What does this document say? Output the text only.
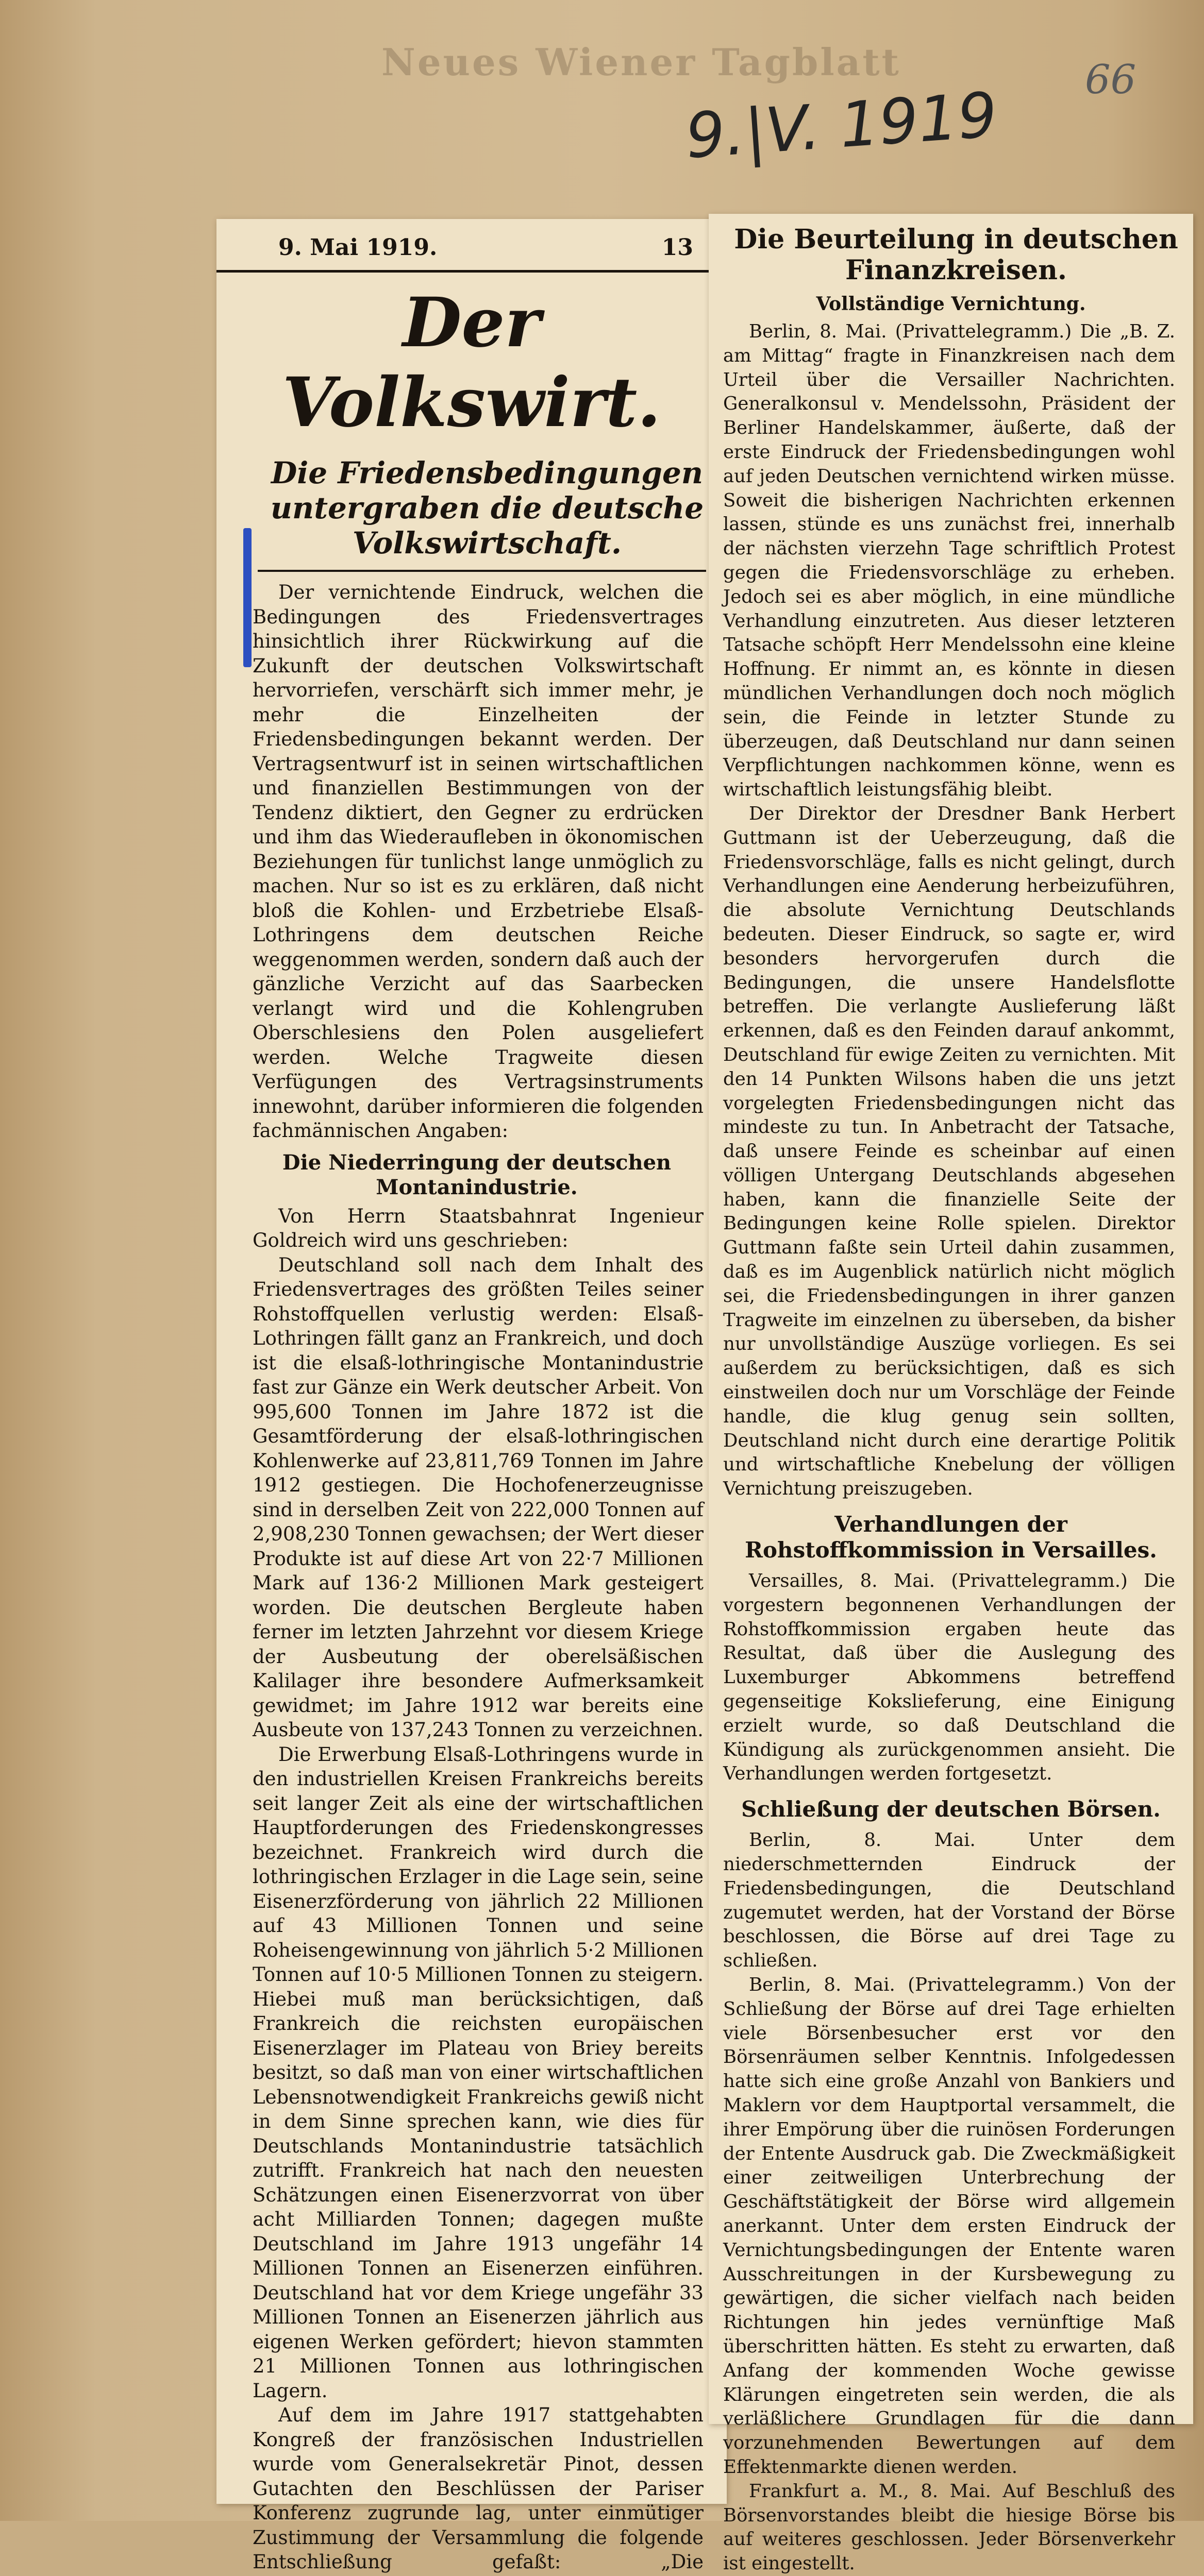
Neues Wiener Tagblatt	66
9.|V. 1919
9. Mai 1919.	13
Der Volkswirt.
Die Friedensbedingungen untergraben die deutsche Volkswirtschaft.

Der vernichtende Eindruck, welchen die Bedingungen des Friedensvertrages hinsichtlich ihrer Rückwirkung auf die Zukunft der deutschen Volkswirtschaft hervorriefen, verschärft sich immer mehr, je mehr die Einzelheiten der Friedensbedingungen bekannt werden. Der Vertragsentwurf ist in seinen wirtschaftlichen und finanziellen Bestimmungen von der Tendenz diktiert, den Gegner zu erdrücken und ihm das Wiederaufleben in ökonomischen Beziehungen für tunlichst lange unmöglich zu machen. Nur so ist es zu erklären, daß nicht bloß die Kohlen- und Erzbetriebe Elsaß-Lothringens dem deutschen Reiche weggenommen werden, sondern daß auch der gänzliche Verzicht auf das Saarbecken verlangt wird und die Kohlengruben Oberschlesiens den Polen ausgeliefert werden. Welche Tragweite diesen Verfügungen des Vertragsinstruments innewohnt, darüber informieren die folgenden fachmännischen Angaben:

Die Niederringung der deutschen Montanindustrie.

Von Herrn Staatsbahnrat Ingenieur Goldreich wird uns geschrieben:

Deutschland soll nach dem Inhalt des Friedensvertrages des größten Teiles seiner Rohstoffquellen verlustig werden: Elsaß-Lothringen fällt ganz an Frankreich, und doch ist die elsaß-lothringische Montanindustrie fast zur Gänze ein Werk deutscher Arbeit. Von 995,600 Tonnen im Jahre 1872 ist die Gesamtförderung der elsaß-lothringischen Kohlenwerke auf 23,811,769 Tonnen im Jahre 1912 gestiegen. Die Hochofenerzeugnisse sind in derselben Zeit von 222,000 Tonnen auf 2,908,230 Tonnen gewachsen; der Wert dieser Produkte ist auf diese Art von 22·7 Millionen Mark auf 136·2 Millionen Mark gesteigert worden. Die deutschen Bergleute haben ferner im letzten Jahrzehnt vor diesem Kriege der Ausbeutung der oberelsäßischen Kalilager ihre besondere Aufmerksamkeit gewidmet; im Jahre 1912 war bereits eine Ausbeute von 137,243 Tonnen zu verzeichnen.

Die Erwerbung Elsaß-Lothringens wurde in den industriellen Kreisen Frankreichs bereits seit langer Zeit als eine der wirtschaftlichen Hauptforderungen des Friedenskongresses bezeichnet. Frankreich wird durch die lothringischen Erzlager in die Lage sein, seine Eisenerzförderung von jährlich 22 Millionen auf 43 Millionen Tonnen und seine Roheisengewinnung von jährlich 5·2 Millionen Tonnen auf 10·5 Millionen Tonnen zu steigern. Hiebei muß man berücksichtigen, daß Frankreich die reichsten europäischen Eisenerzlager im Plateau von Briey bereits besitzt, so daß man von einer wirtschaftlichen Lebensnotwendigkeit Frankreichs gewiß nicht in dem Sinne sprechen kann, wie dies für Deutschlands Montanindustrie tatsächlich zutrifft. Frankreich hat nach den neuesten Schätzungen einen Eisenerzvorrat von über acht Milliarden Tonnen; dagegen mußte Deutschland im Jahre 1913 ungefähr 14 Millionen Tonnen an Eisenerzen einführen. Deutschland hat vor dem Kriege ungefähr 33 Millionen Tonnen an Eisenerzen jährlich aus eigenen Werken gefördert; hievon stammten 21 Millionen Tonnen aus lothringischen Lagern.

Auf dem im Jahre 1917 stattgehabten Kongreß der französischen Industriellen wurde vom Generalsekretär Pinot, dessen Gutachten den Beschlüssen der Pariser Konferenz zugrunde lag, unter einmütiger Zustimmung der Versammlung die folgende Entschließung gefaßt: „Die

Die Beurteilung in deutschen Finanzkreisen.
Vollständige Vernichtung.

Berlin, 8. Mai. (Privattelegramm.) Die „B. Z. am Mittag“ fragte in Finanzkreisen nach dem Urteil über die Versailler Nachrichten. Generalkonsul v. Mendelssohn, Präsident der Berliner Handelskammer, äußerte, daß der erste Eindruck der Friedensbedingungen wohl auf jeden Deutschen vernichtend wirken müsse. Soweit die bisherigen Nachrichten erkennen lassen, stünde es uns zunächst frei, innerhalb der nächsten vierzehn Tage schriftlich Protest gegen die Friedensvorschläge zu erheben. Jedoch sei es aber möglich, in eine mündliche Verhandlung einzutreten. Aus dieser letzteren Tatsache schöpft Herr Mendelssohn eine kleine Hoffnung. Er nimmt an, es könnte in diesen mündlichen Verhandlungen doch noch möglich sein, die Feinde in letzter Stunde zu überzeugen, daß Deutschland nur dann seinen Verpflichtungen nachkommen könne, wenn es wirtschaftlich leistungsfähig bleibt.

Der Direktor der Dresdner Bank Herbert Guttmann ist der Ueberzeugung, daß die Friedensvorschläge, falls es nicht gelingt, durch Verhandlungen eine Aenderung herbeizuführen, die absolute Vernichtung Deutschlands bedeuten. Dieser Eindruck, so sagte er, wird besonders hervorgerufen durch die Bedingungen, die unsere Handelsflotte betreffen. Die verlangte Auslieferung läßt erkennen, daß es den Feinden darauf ankommt, Deutschland für ewige Zeiten zu vernichten. Mit den 14 Punkten Wilsons haben die uns jetzt vorgelegten Friedensbedingungen nicht das mindeste zu tun. In Anbetracht der Tatsache, daß unsere Feinde es scheinbar auf einen völligen Untergang Deutschlands abgesehen haben, kann die finanzielle Seite der Bedingungen keine Rolle spielen. Direktor Guttmann faßte sein Urteil dahin zusammen, daß es im Augenblick natürlich nicht möglich sei, die Friedensbedingungen in ihrer ganzen Tragweite im einzelnen zu überseben, da bisher nur unvollständige Auszüge vorliegen. Es sei außerdem zu berücksichtigen, daß es sich einstweilen doch nur um Vorschläge der Feinde handle, die klug genug sein sollten, Deutschland nicht durch eine derartige Politik und wirtschaftliche Knebelung der völligen Vernichtung preiszugeben.

Verhandlungen der Rohstoffkommission in Versailles.

Versailles, 8. Mai. (Privattelegramm.) Die vorgestern begonnenen Verhandlungen der Rohstoffkommission ergaben heute das Resultat, daß über die Auslegung des Luxemburger Abkommens betreffend gegenseitige Kokslieferung, eine Einigung erzielt wurde, so daß Deutschland die Kündigung als zurückgenommen ansieht. Die Verhandlungen werden fortgesetzt.

Schließung der deutschen Börsen.

Berlin, 8. Mai. Unter dem niederschmetternden Eindruck der Friedensbedingungen, die Deutschland zugemutet werden, hat der Vorstand der Börse beschlossen, die Börse auf drei Tage zu schließen.

Berlin, 8. Mai. (Privattelegramm.) Von der Schließung der Börse auf drei Tage erhielten viele Börsenbesucher erst vor den Börsenräumen selber Kenntnis. Infolgedessen hatte sich eine große Anzahl von Bankiers und Maklern vor dem Hauptportal versammelt, die ihrer Empörung über die ruinösen Forderungen der Entente Ausdruck gab. Die Zweckmäßigkeit einer zeitweiligen Unterbrechung der Geschäftstätigkeit der Börse wird allgemein anerkannt. Unter dem ersten Eindruck der Vernichtungsbedingungen der Entente waren Ausschreitungen in der Kursbewegung zu gewärtigen, die sicher vielfach nach beiden Richtungen hin jedes vernünftige Maß überschritten hätten. Es steht zu erwarten, daß Anfang der kommenden Woche gewisse Klärungen eingetreten sein werden, die als verläßlichere Grundlagen für die dann vorzunehmenden Bewertungen auf dem Effektenmarkte dienen werden.

Frankfurt a. M., 8. Mai. Auf Beschluß des Börsenvorstandes bleibt die hiesige Börse bis auf weiteres geschlossen. Jeder Börsenverkehr ist eingestellt.
